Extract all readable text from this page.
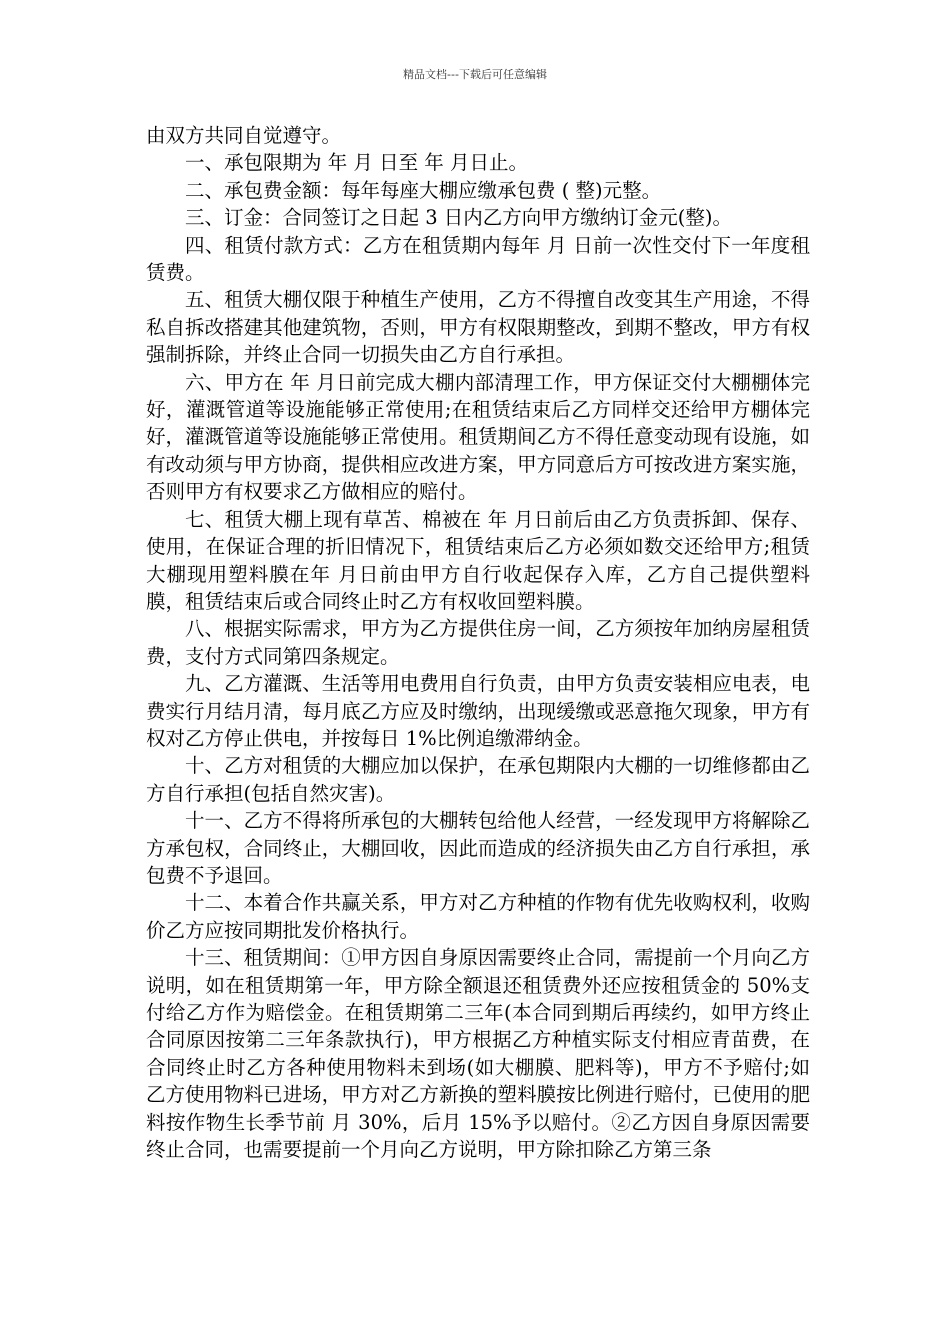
精品文档---下载后可任意编辑

由双方共同自觉遵守。

一、承包限期为 年 月 日至 年 月日止。

二、承包费金额：每年每座大棚应缴承包费 ( 整)元整。

三、订金：合同签订之日起 3 日内乙方向甲方缴纳订金元(整)。

四、租赁付款方式：乙方在租赁期内每年 月 日前一次性交付下一年度租赁费。

五、租赁大棚仅限于种植生产使用，乙方不得擅自改变其生产用途，不得私自拆改搭建其他建筑物，否则，甲方有权限期整改，到期不整改，甲方有权强制拆除，并终止合同一切损失由乙方自行承担。

六、甲方在 年 月日前完成大棚内部清理工作，甲方保证交付大棚棚体完好，灌溉管道等设施能够正常使用;在租赁结束后乙方同样交还给甲方棚体完好，灌溉管道等设施能够正常使用。租赁期间乙方不得任意变动现有设施，如有改动须与甲方协商，提供相应改进方案，甲方同意后方可按改进方案实施，否则甲方有权要求乙方做相应的赔付。

七、租赁大棚上现有草苫、棉被在 年 月日前后由乙方负责拆卸、保存、使用，在保证合理的折旧情况下，租赁结束后乙方必须如数交还给甲方;租赁大棚现用塑料膜在年 月日前由甲方自行收起保存入库，乙方自己提供塑料膜，租赁结束后或合同终止时乙方有权收回塑料膜。

八、根据实际需求，甲方为乙方提供住房一间，乙方须按年加纳房屋租赁费，支付方式同第四条规定。

九、乙方灌溉、生活等用电费用自行负责，由甲方负责安装相应电表，电费实行月结月清，每月底乙方应及时缴纳，出现缓缴或恶意拖欠现象，甲方有权对乙方停止供电，并按每日 1%比例追缴滞纳金。

十、乙方对租赁的大棚应加以保护，在承包期限内大棚的一切维修都由乙方自行承担(包括自然灾害)。

十一、乙方不得将所承包的大棚转包给他人经营，一经发现甲方将解除乙方承包权，合同终止，大棚回收，因此而造成的经济损失由乙方自行承担，承包费不予退回。

十二、本着合作共赢关系，甲方对乙方种植的作物有优先收购权利，收购价乙方应按同期批发价格执行。

十三、租赁期间：①甲方因自身原因需要终止合同，需提前一个月向乙方说明，如在租赁期第一年，甲方除全额退还租赁费外还应按租赁金的 50%支付给乙方作为赔偿金。在租赁期第二三年(本合同到期后再续约，如甲方终止合同原因按第二三年条款执行)，甲方根据乙方种植实际支付相应青苗费，在合同终止时乙方各种使用物料未到场(如大棚膜、肥料等)，甲方不予赔付;如乙方使用物料已进场，甲方对乙方新换的塑料膜按比例进行赔付，已使用的肥料按作物生长季节前 月 30%，后月 15%予以赔付。②乙方因自身原因需要终止合同，也需要提前一个月向乙方说明，甲方除扣除乙方第三条
